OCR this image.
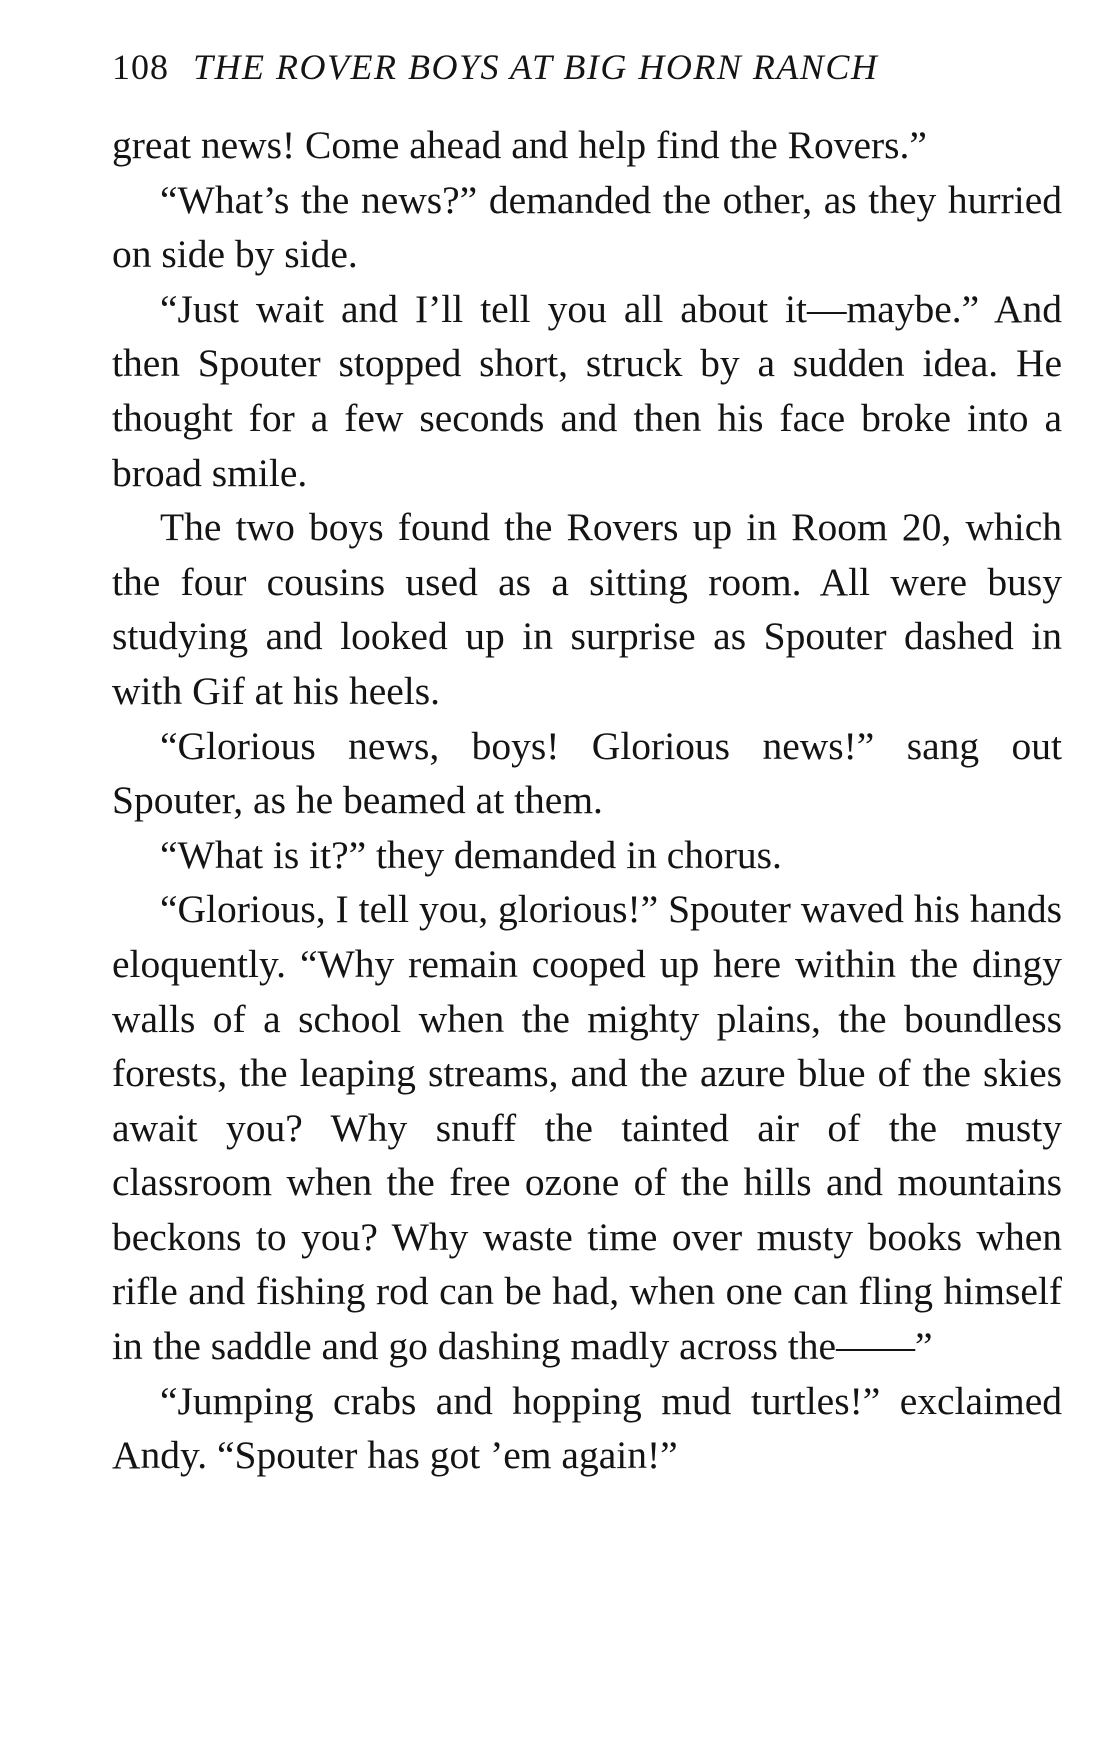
108 THE ROVER BOYS AT BIG HORN RANCH

great news! Come ahead and help find the Rovers.”

“What’s the news?” demanded the other, as they hurried on side by side.

“Just wait and I’ll tell you all about it—maybe.” And then Spouter stopped short, struck by a sudden idea. He thought for a few seconds and then his face broke into a broad smile.

The two boys found the Rovers up in Room 20, which the four cousins used as a sitting room. All were busy studying and looked up in surprise as Spouter dashed in with Gif at his heels.

“Glorious news, boys! Glorious news!” sang out Spouter, as he beamed at them.

“What is it?” they demanded in chorus.

“Glorious, I tell you, glorious!” Spouter waved his hands eloquently. “Why remain cooped up here within the dingy walls of a school when the mighty plains, the boundless forests, the leaping streams, and the azure blue of the skies await you? Why snuff the tainted air of the musty classroom when the free ozone of the hills and mountains beckons to you? Why waste time over musty books when rifle and fishing rod can be had, when one can fling himself in the saddle and go dashing madly across the——”

“Jumping crabs and hopping mud turtles!” exclaimed Andy. “Spouter has got ’em again!”
